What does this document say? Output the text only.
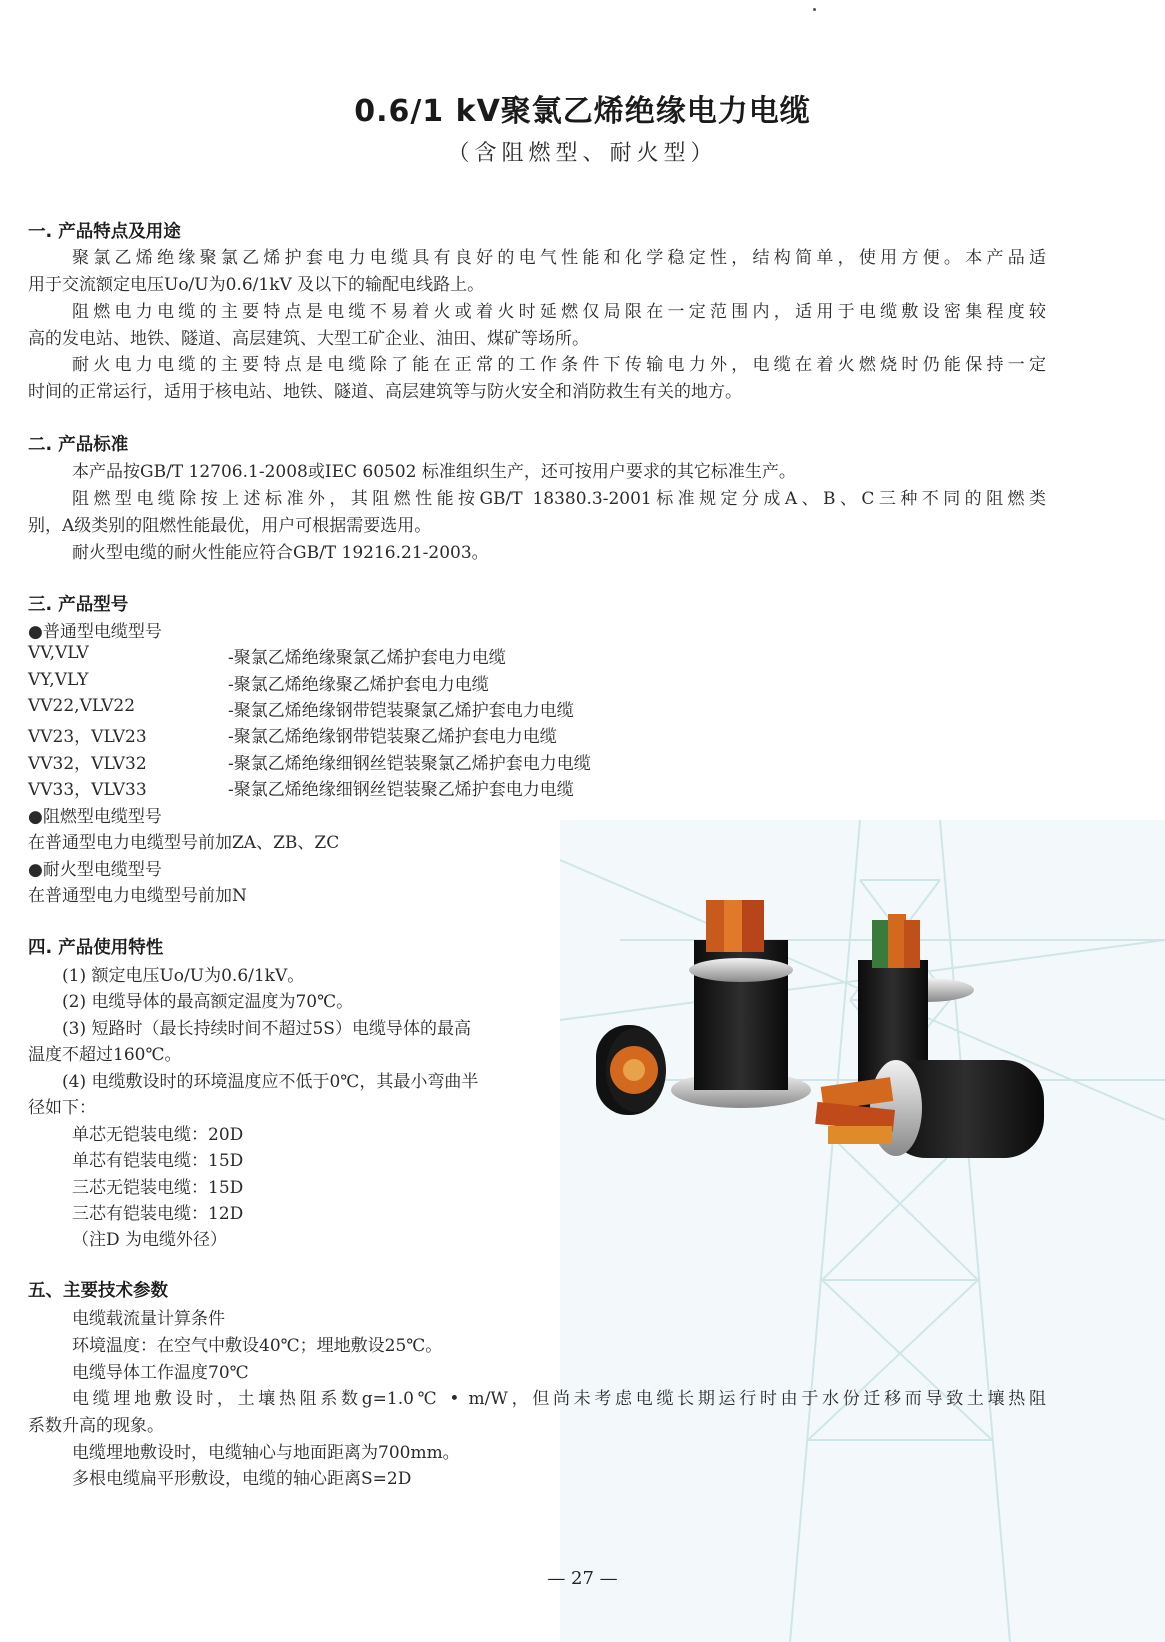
0.6/1 kV聚氯乙烯绝缘电力电缆
（含阻燃型、耐火型）
一. 产品特点及用途
聚氯乙烯绝缘聚氯乙烯护套电力电缆具有良好的电气性能和化学稳定性，结构简单，使用方便。本产品适
用于交流额定电压Uo/U为0.6/1kV 及以下的输配电线路上。
阻燃电力电缆的主要特点是电缆不易着火或着火时延燃仅局限在一定范围内，适用于电缆敷设密集程度较
高的发电站、地铁、隧道、高层建筑、大型工矿企业、油田、煤矿等场所。
耐火电力电缆的主要特点是电缆除了能在正常的工作条件下传输电力外，电缆在着火燃烧时仍能保持一定
时间的正常运行，适用于核电站、地铁、隧道、高层建筑等与防火安全和消防救生有关的地方。
二. 产品标准
本产品按GB/T 12706.1-2008或IEC 60502 标准组织生产，还可按用户要求的其它标准生产。
阻燃型电缆除按上述标准外，其阻燃性能按GB/T 18380.3-2001标准规定分成A、B、C三种不同的阻燃类
别，A级类别的阻燃性能最优，用户可根据需要选用。
耐火型电缆的耐火性能应符合GB/T 19216.21-2003。
三. 产品型号
●普通型电缆型号
VV,VLV	-聚氯乙烯绝缘聚氯乙烯护套电力电缆
VY,VLY	-聚氯乙烯绝缘聚乙烯护套电力电缆
VV22,VLV22	-聚氯乙烯绝缘钢带铠装聚氯乙烯护套电力电缆
VV23，VLV23	-聚氯乙烯绝缘钢带铠装聚乙烯护套电力电缆
VV32，VLV32	-聚氯乙烯绝缘细钢丝铠装聚氯乙烯护套电力电缆
VV33，VLV33	-聚氯乙烯绝缘细钢丝铠装聚乙烯护套电力电缆
●阻燃型电缆型号
在普通型电力电缆型号前加ZA、ZB、ZC
●耐火型电缆型号
在普通型电力电缆型号前加N
四. 产品使用特性
(1) 额定电压Uo/U为0.6/1kV。
(2) 电缆导体的最高额定温度为70℃。
(3) 短路时（最长持续时间不超过5S）电缆导体的最高
温度不超过160℃。
(4) 电缆敷设时的环境温度应不低于0℃，其最小弯曲半
径如下：
单芯无铠装电缆：20D
单芯有铠装电缆：15D
三芯无铠装电缆：15D
三芯有铠装电缆：12D
（注D 为电缆外径）
五、主要技术参数
电缆载流量计算条件
环境温度：在空气中敷设40℃；埋地敷设25℃。
电缆导体工作温度70℃
电缆埋地敷设时，土壤热阻系数g=1.0℃ • m/W，但尚未考虑电缆长期运行时由于水份迁移而导致土壤热阻
系数升高的现象。
电缆埋地敷设时，电缆轴心与地面距离为700mm。
多根电缆扁平形敷设，电缆的轴心距离S=2D
— 27 —
